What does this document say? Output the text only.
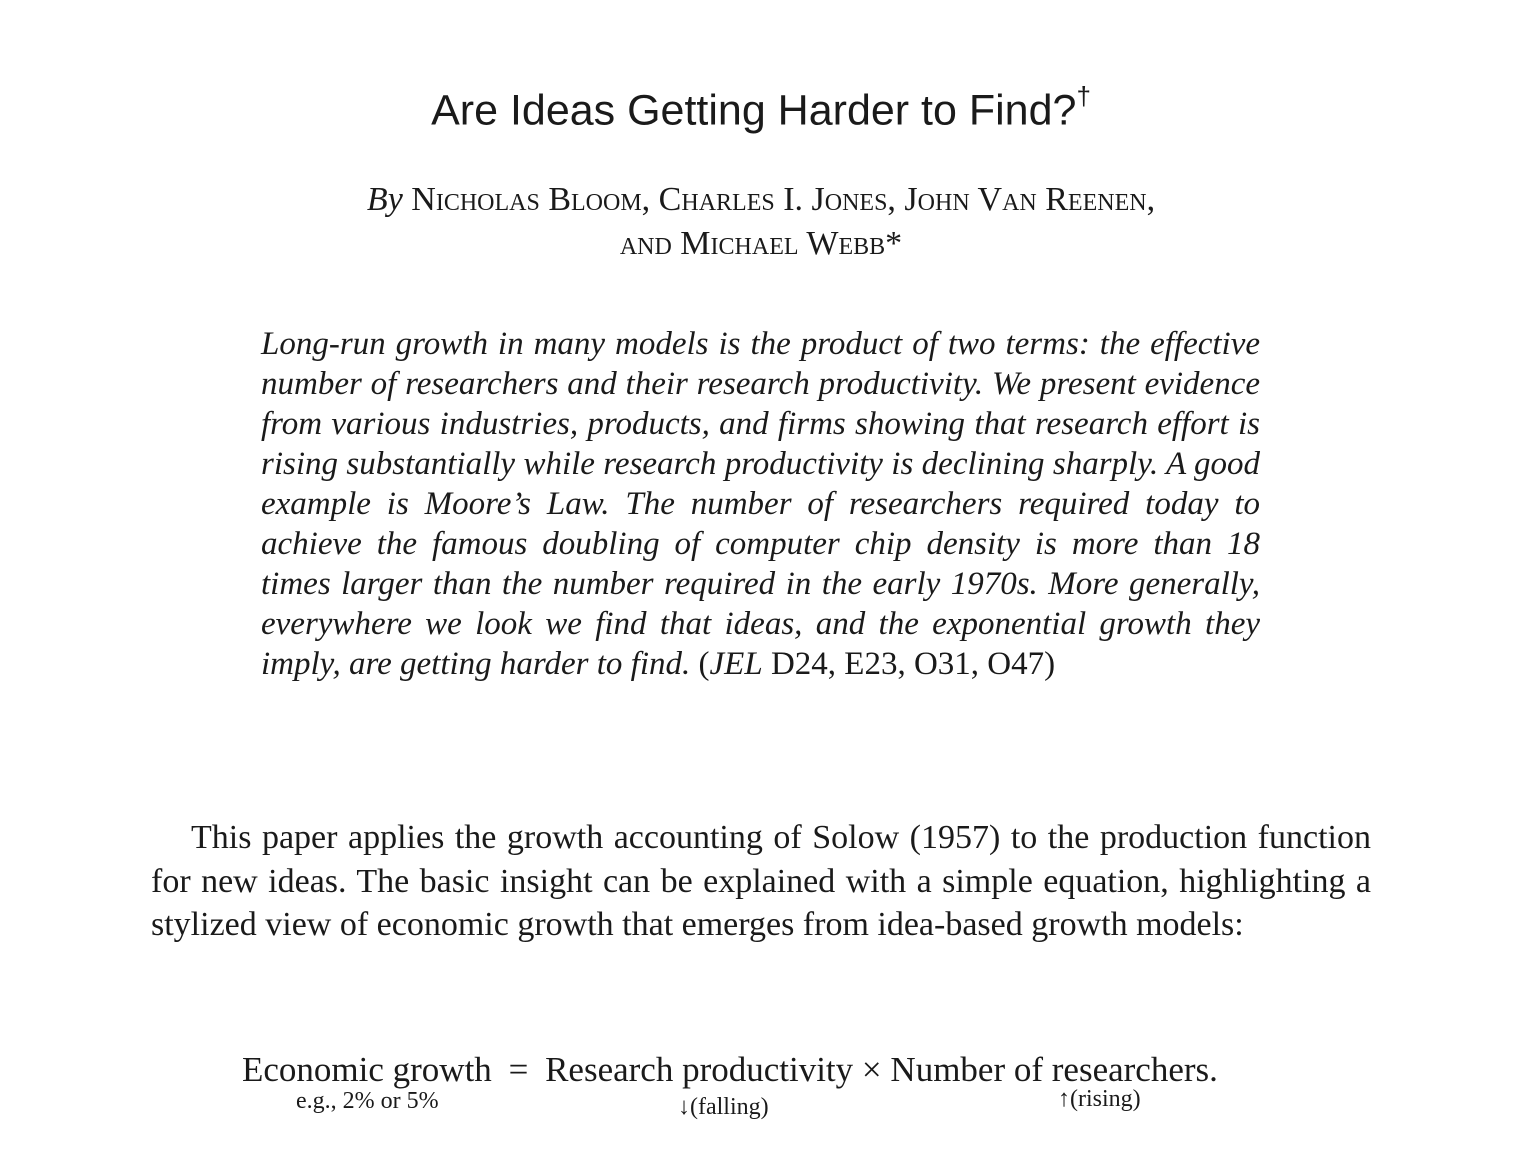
Are Ideas Getting Harder to Find?†
By Nicholas Bloom, Charles I. Jones, John Van Reenen,
and Michael Webb*

Long-run growth in many models is the product of two terms: the effective number of researchers and their research productivity. We present evidence from various industries, products, and firms showing that research effort is rising substantially while research productivity is declining sharply. A good example is Moore’s Law. The number of researchers required today to achieve the famous doubling of computer chip density is more than 18 times larger than the number required in the early 1970s. More generally, everywhere we look we find that ideas, and the exponential growth they imply, are getting harder to find. (JEL D24, E23, O31, O47)

This paper applies the growth accounting of Solow (1957) to the production function for new ideas. The basic insight can be explained with a simple equation, highlighting a stylized view of economic growth that emerges from idea-based growth models:

Economic growth = Research productivity × Number of researchers.
e.g., 2% or 5%	↓(falling)	↑(rising)
